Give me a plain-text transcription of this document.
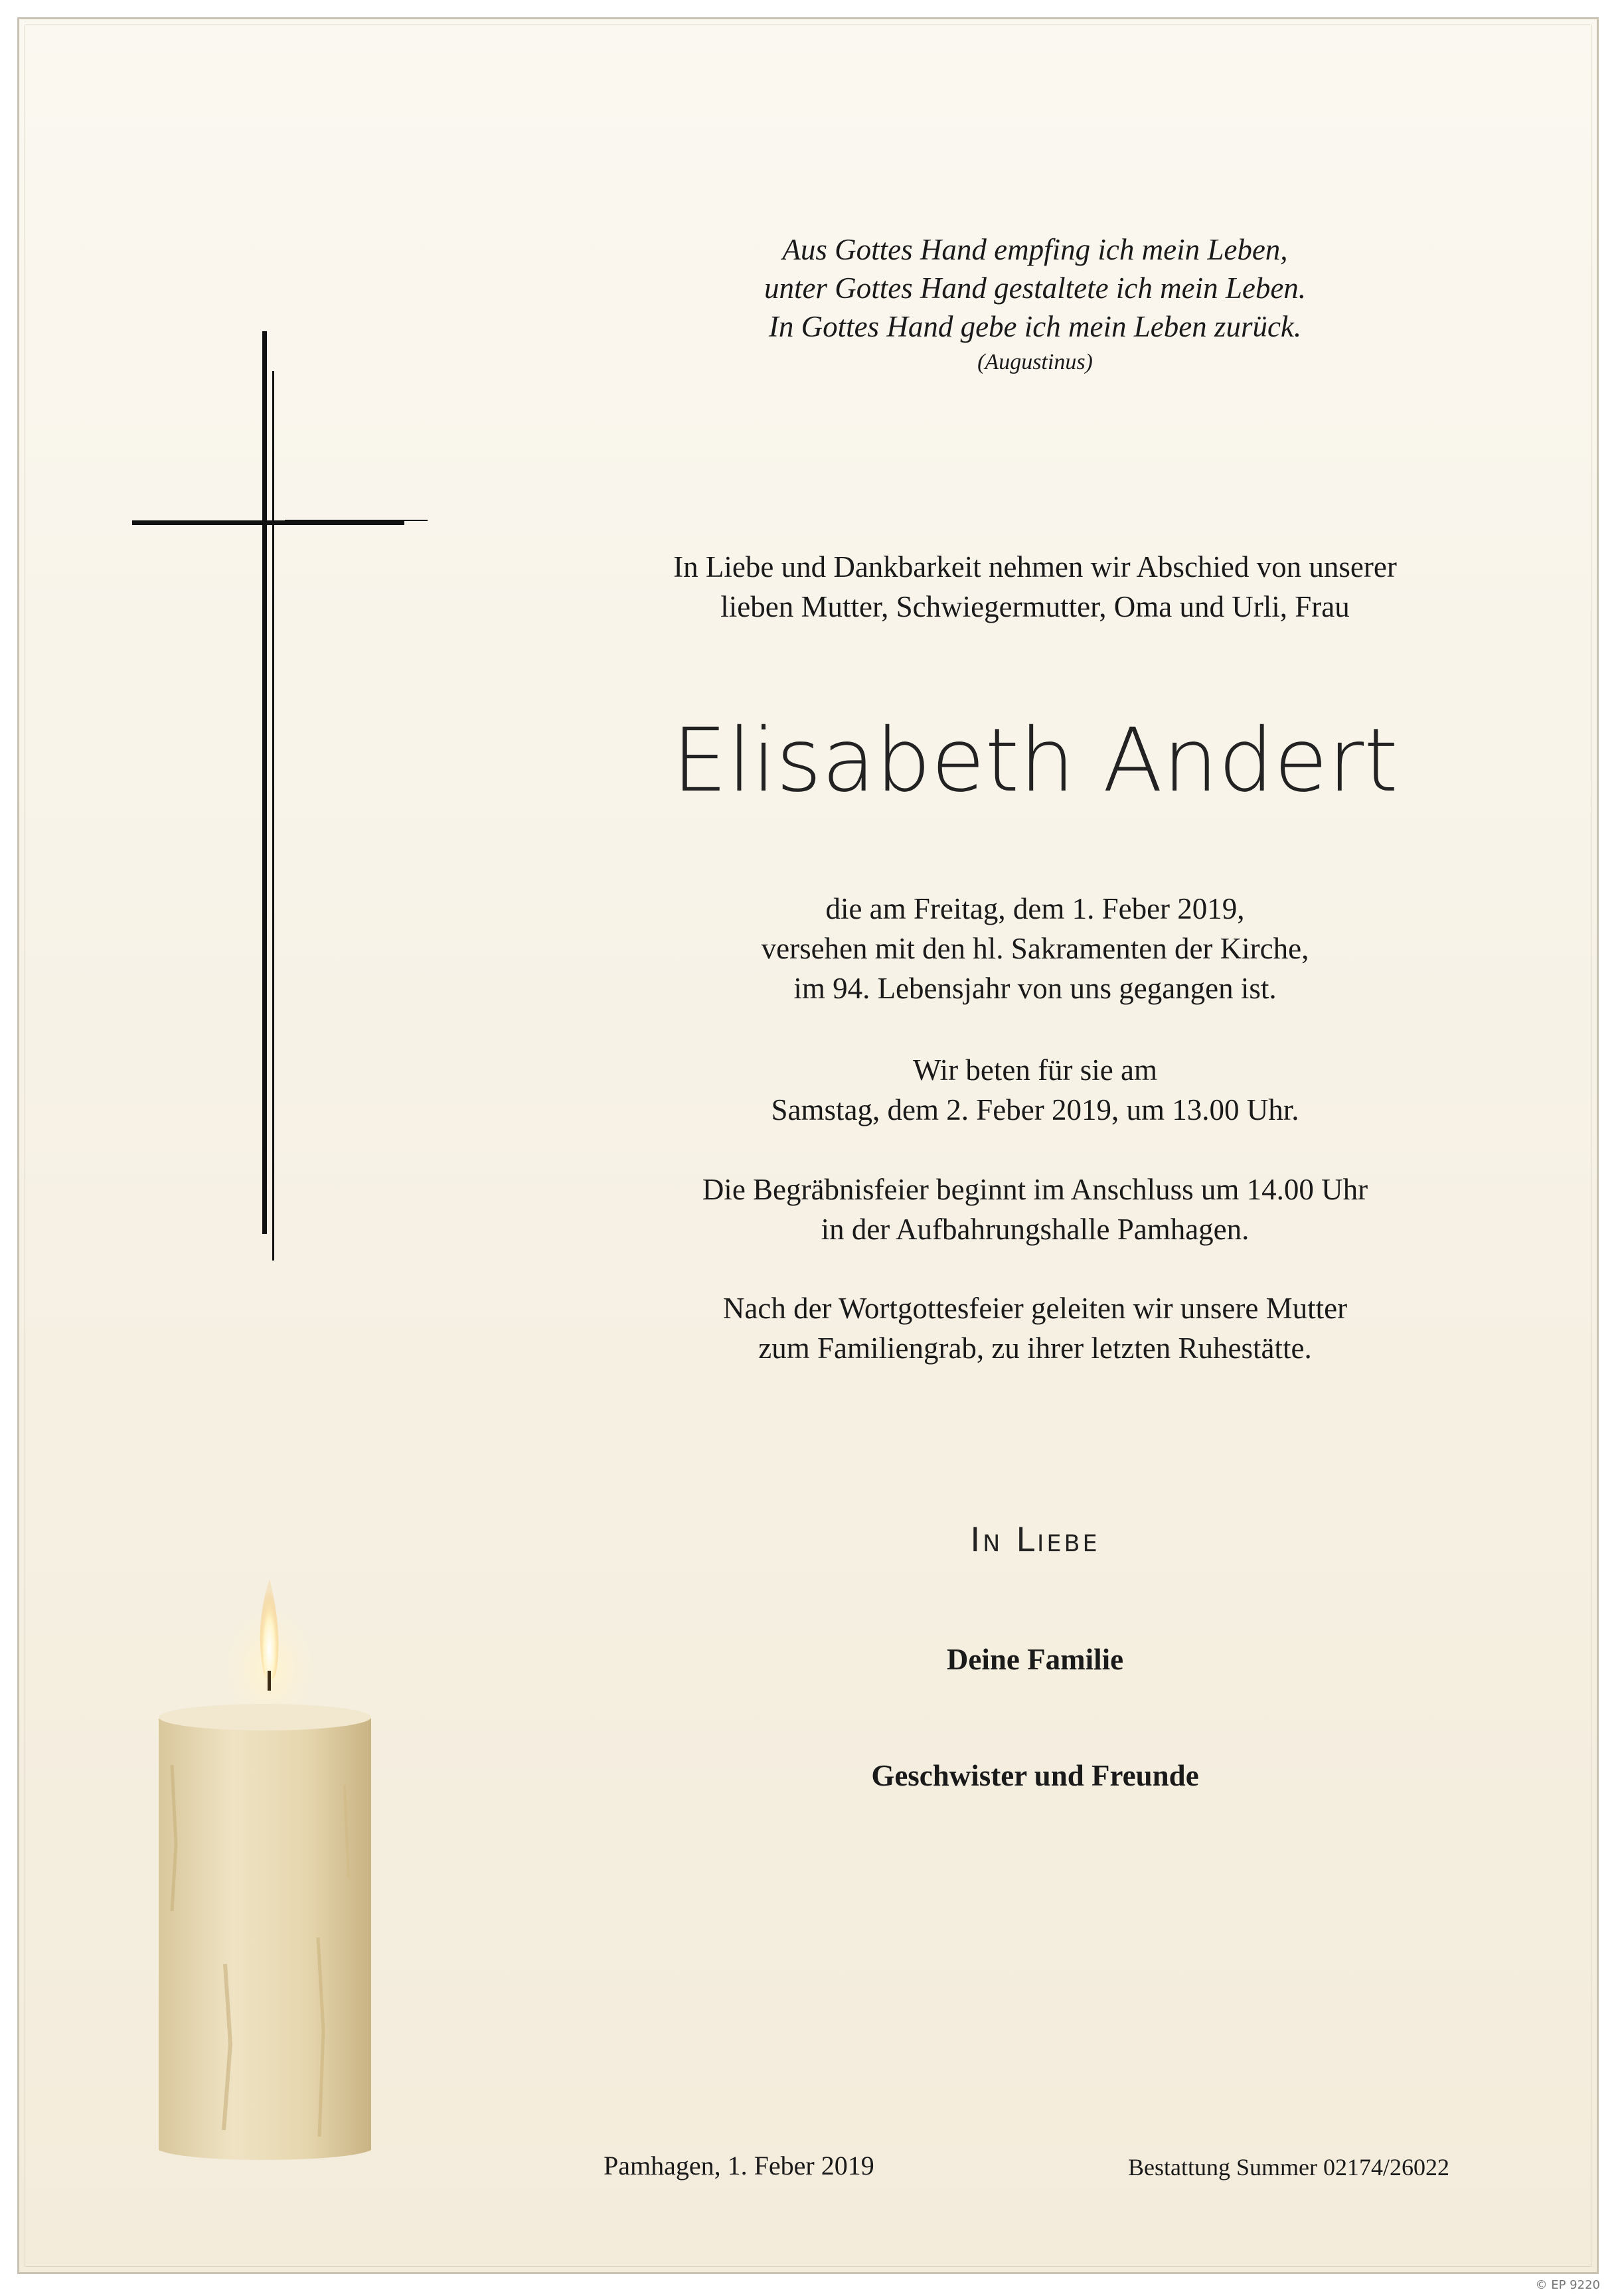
Aus Gottes Hand empfing ich mein Leben,
unter Gottes Hand gestaltete ich mein Leben.
In Gottes Hand gebe ich mein Leben zurück.
(Augustinus)
In Liebe und Dankbarkeit nehmen wir Abschied von unserer
lieben Mutter, Schwiegermutter, Oma und Urli, Frau
Elisabeth Andert
die am Freitag, dem 1. Feber 2019,
versehen mit den hl. Sakramenten der Kirche,
im 94. Lebensjahr von uns gegangen ist.
Wir beten für sie am
Samstag, dem 2. Feber 2019, um 13.00 Uhr.
Die Begräbnisfeier beginnt im Anschluss um 14.00 Uhr
in der Aufbahrungshalle Pamhagen.
Nach der Wortgottesfeier geleiten wir unsere Mutter
zum Familiengrab, zu ihrer letzten Ruhestätte.
In Liebe
Deine Familie
Geschwister und Freunde
Pamhagen, 1. Feber 2019	Bestattung Summer 02174/26022
© EP 9220
